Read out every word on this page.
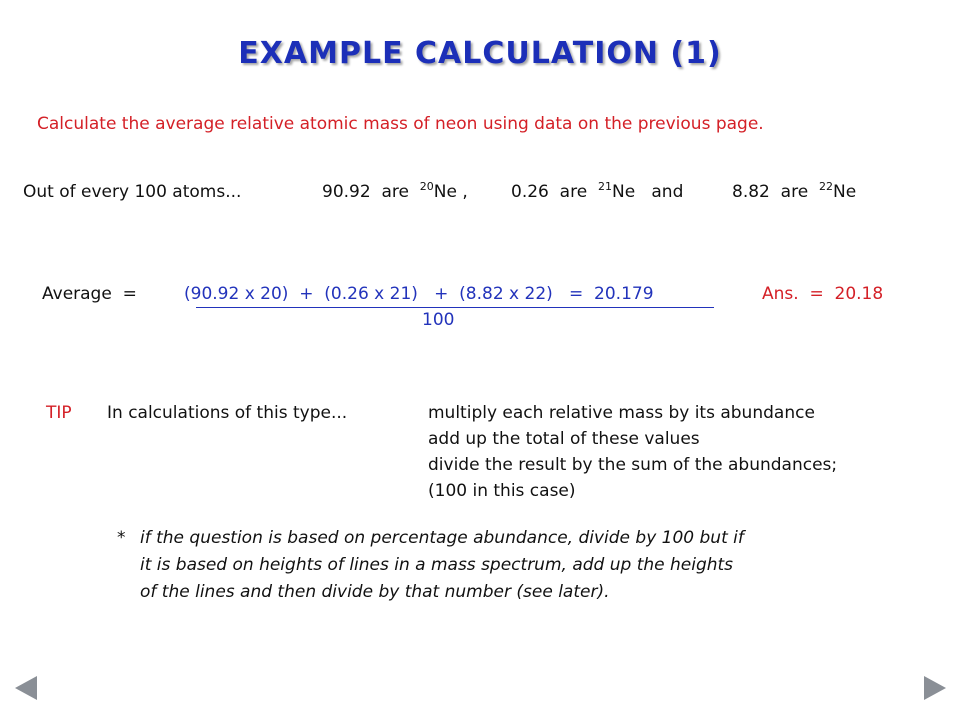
EXAMPLE CALCULATION (1)
Calculate the average relative atomic mass of neon using data on the previous page.
Out of every 100 atoms...	90.92 are $^{20}$Ne ,	0.26 are $^{21}$Ne and	8.82 are $^{22}$Ne
Average  =	(90.92 x 20)  +  (0.26 x 21)   +  (8.82 x 22)   =  20.179
100
Ans.  =  20.18
TIP In calculations of this type...	multiply each relative mass by its abundance
add up the total of these values
divide the result by the sum of the abundances;
(100 in this case)
* if the question is based on percentage abundance, divide by 100 but if
it is based on heights of lines in a mass spectrum, add up the heights
of the lines and then divide by that number (see later).
